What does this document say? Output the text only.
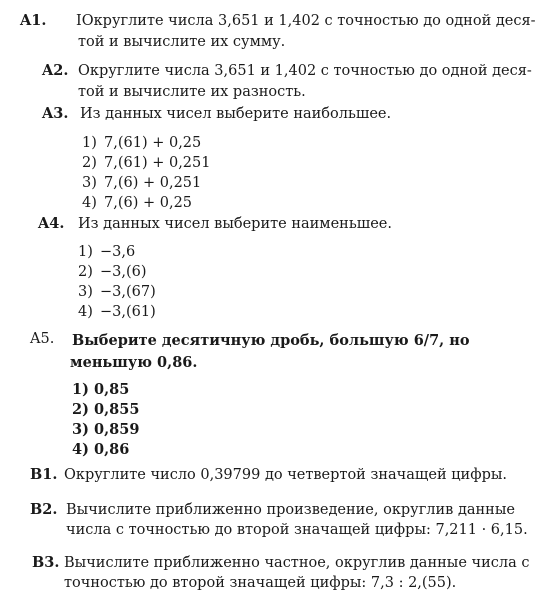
A1. ⅠОкруглите числа 3,651 и 1,402 с точностью до одной деся-
той и вычислите их сумму.
A2. Округлите числа 3,651 и 1,402 с точностью до одной деся-
той и вычислите их разность.
A3. Из данных чисел выберите наибольшее.
1) 7,(61) + 0,25
2) 7,(61) + 0,251
3) 7,(6) + 0,251
4) 7,(6) + 0,25
A4. Из данных чисел выберите наименьшее.
1) −3,6
2) −3,(6)
3) −3,(67)
4) −3,(61)
A5. Выберите десятичную дробь, большую 6/7, но
меньшую 0,86.
1) 0,85
2) 0,855
3) 0,859
4) 0,86
B1. Округлите число 0,39799 до четвертой значащей цифры.
B2. Вычислите приближенно произведение, округлив данные
числа с точностью до второй значащей цифры: 7,211 · 6,15.
B3. Вычислите приближенно частное, округлив данные числа с
точностью до второй значащей цифры: 7,3 : 2,(55).
